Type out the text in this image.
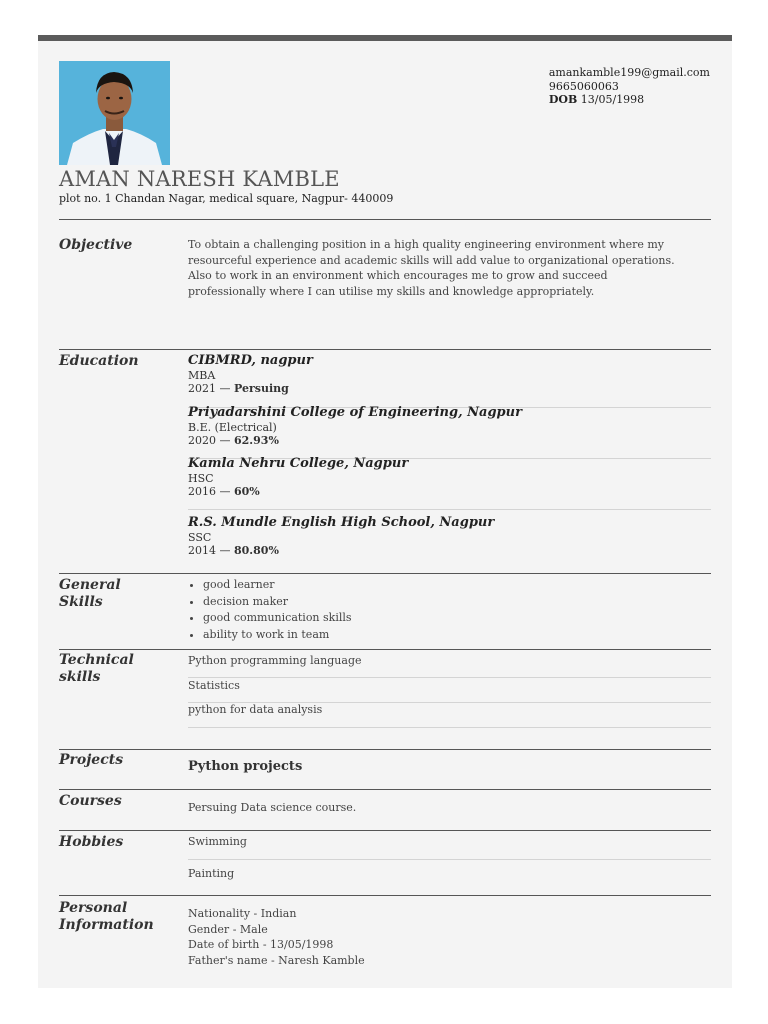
amankamble199@gmail.com
9665060063
DOB 13/05/1998
AMAN NARESH KAMBLE
plot no. 1 Chandan Nagar, medical square, Nagpur- 440009
Objective	To obtain a challenging position in a high quality engineering environment where my
resourceful experience and academic skills will add value to organizational operations.
Also to work in an environment which encourages me to grow and succeed
professionally where I can utilise my skills and knowledge appropriately.
Education	CIBMRD, nagpur
MBA
2021 — Persuing
Priyadarshini College of Engineering, Nagpur
B.E. (Electrical)
2020 — 62.93%
Kamla Nehru College, Nagpur
HSC
2016 — 60%
R.S. Mundle English High School, Nagpur
SSC
2014 — 80.80%
General
Skills
• good learner
• decision maker
• good communication skills
• ability to work in team
Technical
skills
Python programming language
Statistics
python for data analysis
Projects	Python projects
Courses	Persuing Data science course.
Hobbies	Swimming
Painting
Personal
Information
Nationality - Indian
Gender - Male
Date of birth - 13/05/1998
Father's name - Naresh Kamble
